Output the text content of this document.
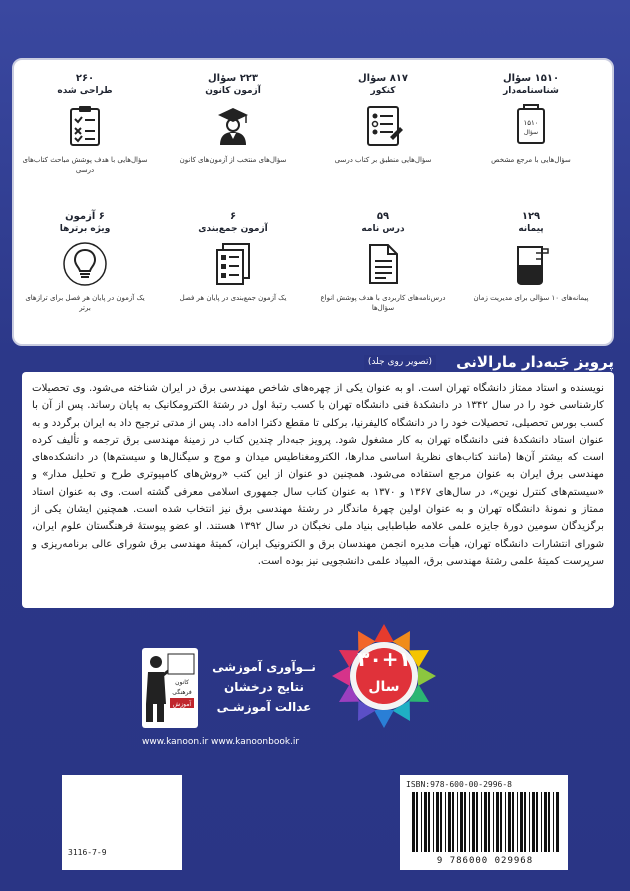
۱۵۱۰ سؤال
شناسنامه‌دار
۱۵۱۰
سؤال
سؤال‌هایی با مرجع مشخص
۸۱۷ سؤال
کنکور
سؤال‌هایی منطبق بر کتاب درسی
۲۲۳ سؤال
آزمون کانون
سؤال‌های منتخب از آزمون‌های کانون
۲۶۰
طراحی شده
سؤال‌هایی با هدف پوشش مباحث کتاب‌های درسی
۱۲۹
پیمانه
پیمانه‌های ۱۰ سؤالی برای مدیریت زمان
۵۹
درس نامه
درس‌نامه‌های کاربردی با هدف پوشش انواع سؤال‌ها
۶
آزمون جمع‌بندی
یک آزمون جمع‌بندی در پایان هر فصل
۶ آزمون
ویژه برترها
یک آزمون در پایان هر فصل برای تراز‌های برتر
پرویز جَبه‌دار مارالانی
(تصویر روی جلد)
نویسنده و استاد ممتاز دانشگاه تهران است. او به عنوان یکی از چهره‌های شاخص مهندسی برق در ایران شناخته می‌شود. وی تحصیلات کارشناسی خود را در سال ۱۳۴۲ در دانشکدهٔ فنی دانشگاه تهران با کسب رتبهٔ اول در رشتهٔ الکترومکانیک به پایان رساند. پس از آن با کسب بورس تحصیلی، تحصیلات خود را در دانشگاه کالیفرنیا، برکلی تا مقطع دکترا ادامه داد. پس از مدتی ترجیح داد به ایران برگردد و به عنوان استاد دانشکدهٔ فنی دانشگاه تهران به کار مشغول شود. پرویز جبه‌دار چندین کتاب در زمینهٔ مهندسی برق ترجمه و تألیف کرده است که بیشتر آن‌ها (مانند کتاب‌های نظریهٔ اساسی مدارها، الکترومغناطیس میدان و موج و سیگنال‌ها و سیستم‌ها) در دانشکده‌های مهندسی برق ایران به عنوان مرجع استفاده می‌شود. همچنین دو عنوان از این کتب «روش‌های کامپیوتری طرح و تحلیل مدار» و «سیستم‌های کنترل نوین»، در سال‌های ۱۳۶۷ و ۱۳۷۰ به عنوان کتاب سال جمهوری اسلامی معرفی گشته است. وی به عنوان استاد ممتاز و نمونهٔ دانشگاه تهران و به عنوان اولین چهرهٔ ماندگار در رشتهٔ مهندسی برق نیز انتخاب شده است. همچنین ایشان یکی از برگزیدگان سومین دورهٔ جایزه علمی علامه طباطبایی بنیاد ملی نخبگان در سال ۱۳۹۲ هستند. او عضو پیوستهٔ فرهنگستان علوم ایران، شورای انتشارات دانشگاه تهران، هیأت مدیره انجمن مهندسان برق و الکترونیک ایران، کمیتهٔ مهندسی برق شورای عالی برنامه‌ریزی و سرپرست کمیتهٔ علمی رشتهٔ مهندسی برق، المپیاد علمی دانشجویی نیز بوده است.
۳۰+۱
سال
نــوآوری آموزشی
نتایج درخشان
عدالت آموزشـی
کانون
فرهنگی
آموزش
www.kanoon.ir www.kanoonbook.ir
3116-7-9
ISBN:978-600-00-2996-8
9 786000 029968
